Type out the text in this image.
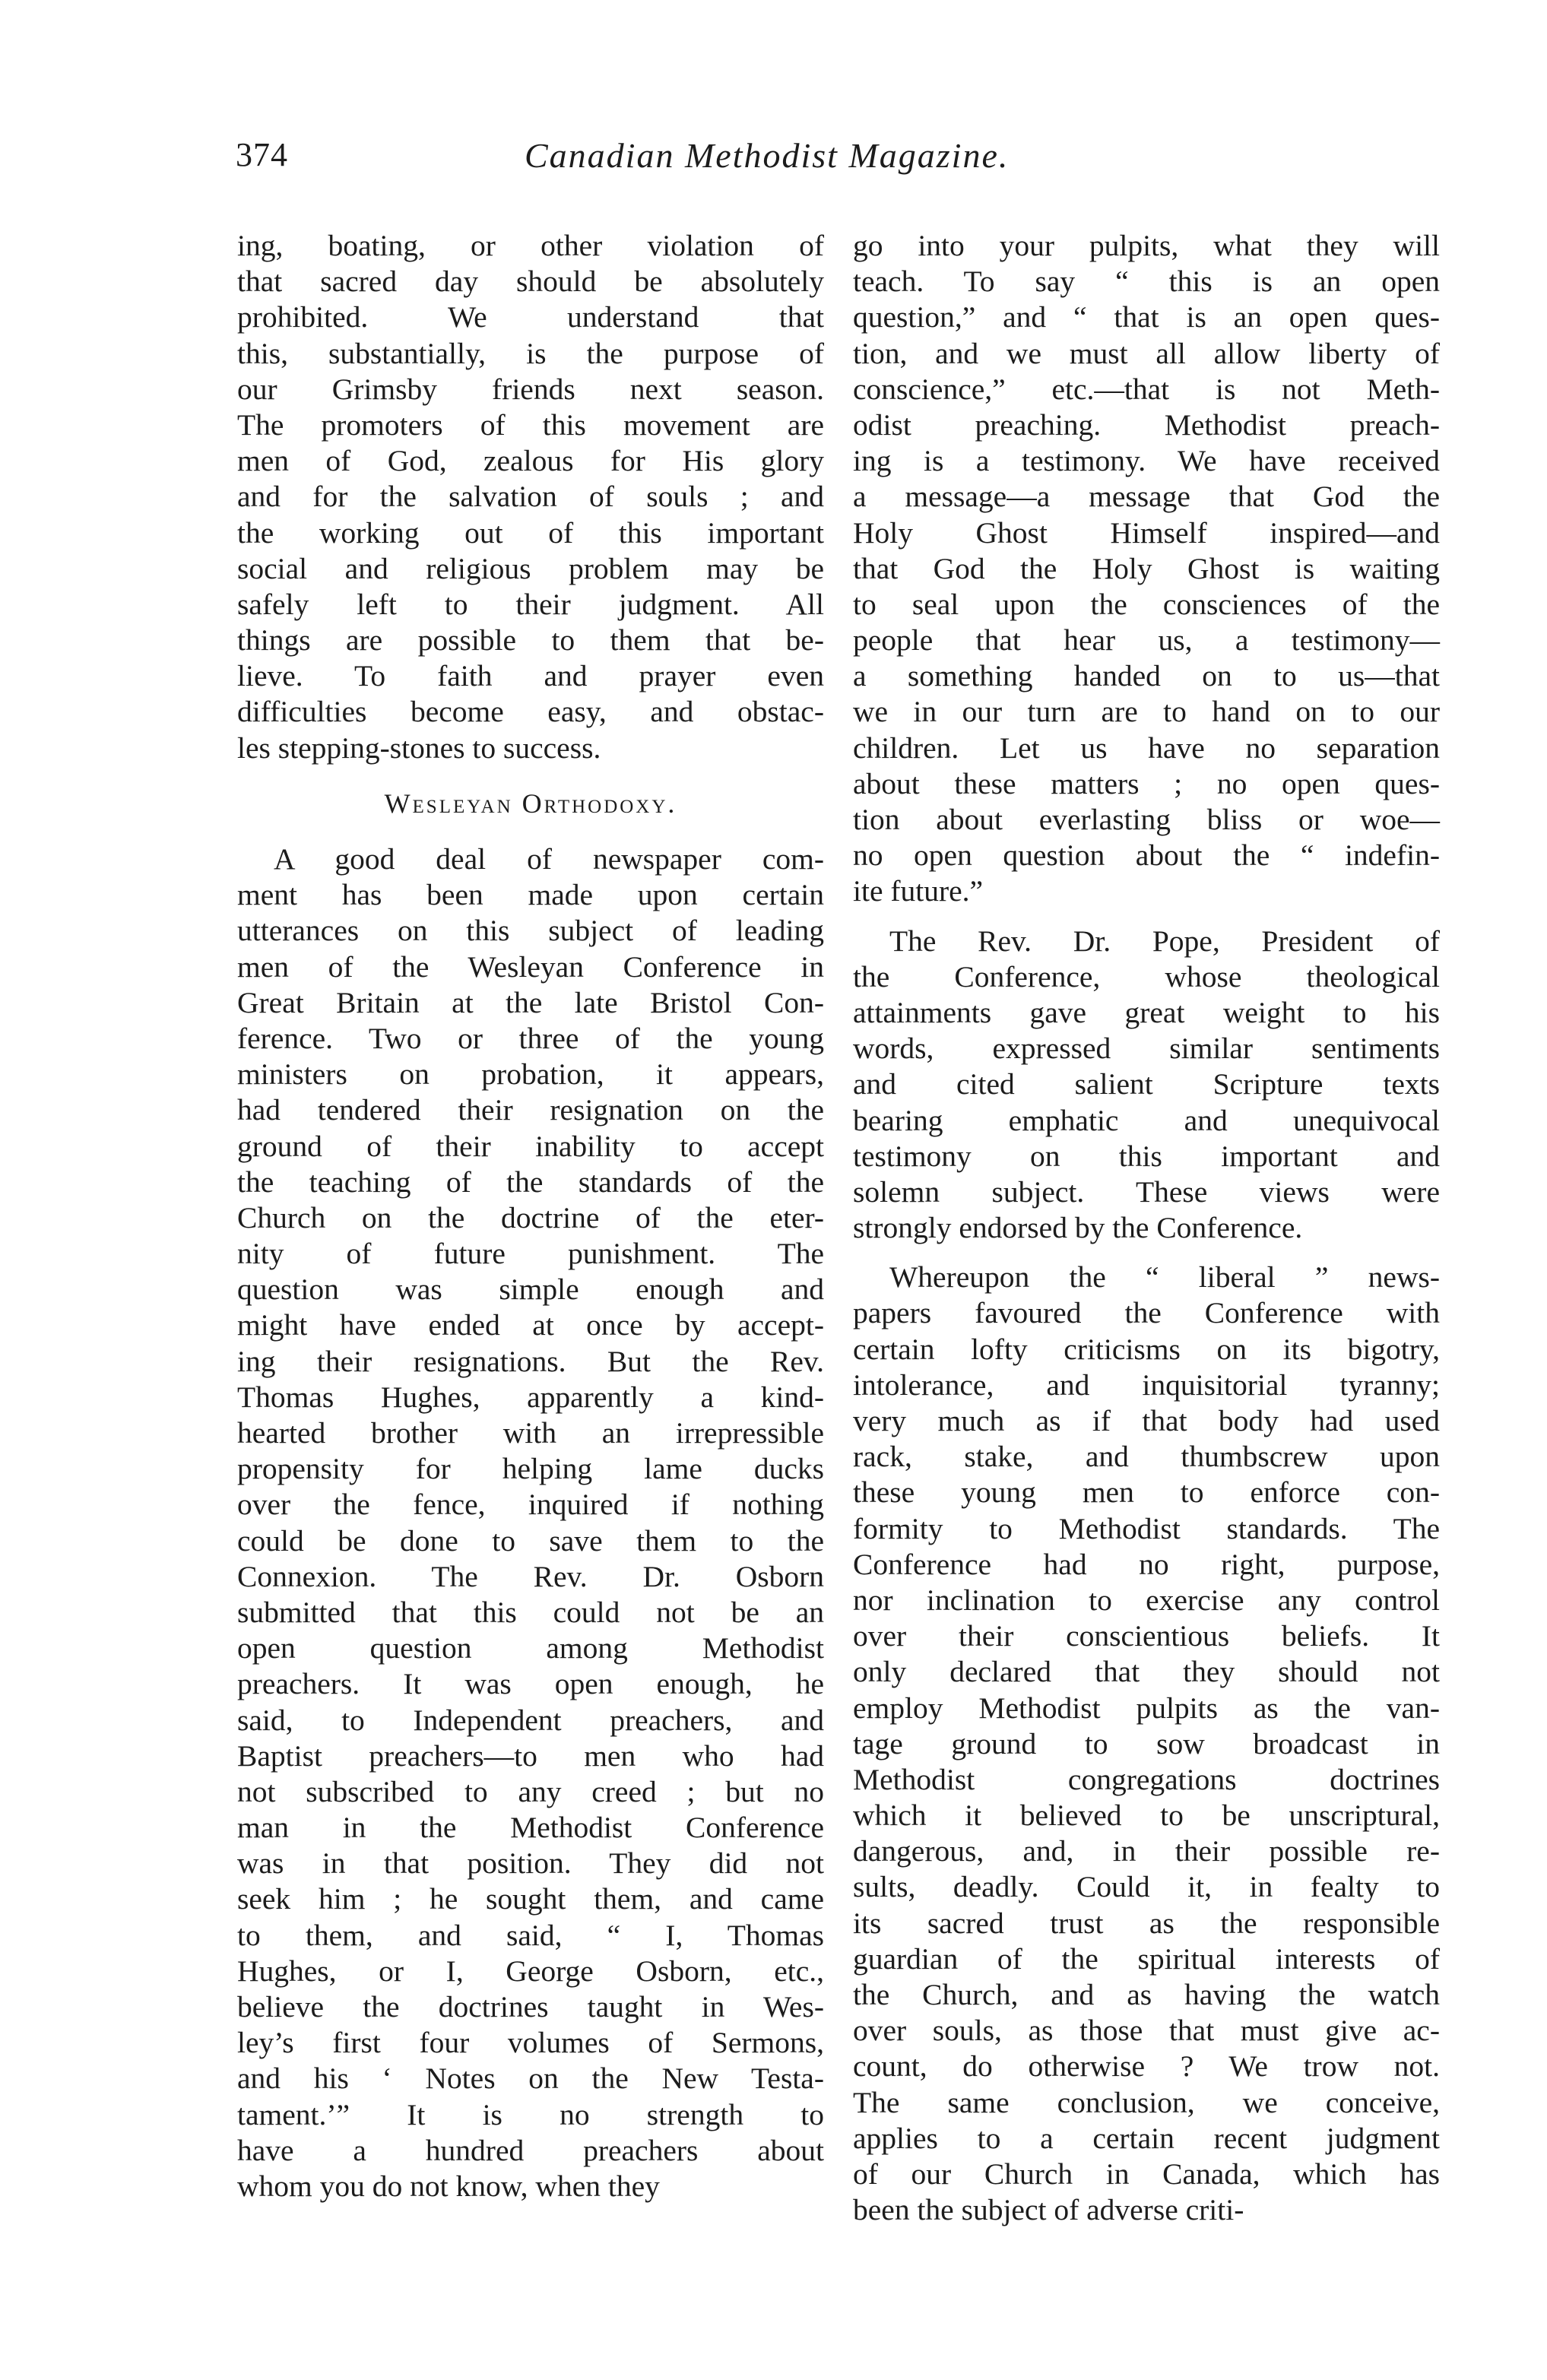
374	Canadian Methodist Magazine.
ing, boating, or other violation of
that sacred day should be absolutely
prohibited. We understand that
this, substantially, is the purpose of
our Grimsby friends next season.
The promoters of this movement are
men of God, zealous for His glory
and for the salvation of souls ; and
the working out of this important
social and religious problem may be
safely left to their judgment. All
things are possible to them that be-
lieve. To faith and prayer even
difficulties become easy, and obstac-
les stepping-stones to success.
Wesleyan Orthodoxy.
A good deal of newspaper com-
ment has been made upon certain
utterances on this subject of leading
men of the Wesleyan Conference in
Great Britain at the late Bristol Con-
ference. Two or three of the young
ministers on probation, it appears,
had tendered their resignation on the
ground of their inability to accept
the teaching of the standards of the
Church on the doctrine of the eter-
nity of future punishment. The
question was simple enough and
might have ended at once by accept-
ing their resignations. But the Rev.
Thomas Hughes, apparently a kind-
hearted brother with an irrepressible
propensity for helping lame ducks
over the fence, inquired if nothing
could be done to save them to the
Connexion. The Rev. Dr. Osborn
submitted that this could not be an
open question among Methodist
preachers. It was open enough, he
said, to Independent preachers, and
Baptist preachers—to men who had
not subscribed to any creed ; but no
man in the Methodist Conference
was in that position. They did not
seek him ; he sought them, and came
to them, and said, “ I, Thomas
Hughes, or I, George Osborn, etc.,
believe the doctrines taught in Wes-
ley’s first four volumes of Sermons,
and his ‘ Notes on the New Testa-
tament.’” It is no strength to
have a hundred preachers about
whom you do not know, when they
go into your pulpits, what they will
teach. To say “ this is an open
question,” and “ that is an open ques-
tion, and we must all allow liberty of
conscience,” etc.—that is not Meth-
odist preaching. Methodist preach-
ing is a testimony. We have received
a message—a message that God the
Holy Ghost Himself inspired—and
that God the Holy Ghost is waiting
to seal upon the consciences of the
people that hear us, a testimony—
a something handed on to us—that
we in our turn are to hand on to our
children. Let us have no separation
about these matters ; no open ques-
tion about everlasting bliss or woe—
no open question about the “ indefin-
ite future.”
The Rev. Dr. Pope, President of
the Conference, whose theological
attainments gave great weight to his
words, expressed similar sentiments
and cited salient Scripture texts
bearing emphatic and unequivocal
testimony on this important and
solemn subject. These views were
strongly endorsed by the Conference.
Whereupon the “ liberal ” news-
papers favoured the Conference with
certain lofty criticisms on its bigotry,
intolerance, and inquisitorial tyranny;
very much as if that body had used
rack, stake, and thumbscrew upon
these young men to enforce con-
formity to Methodist standards. The
Conference had no right, purpose,
nor inclination to exercise any control
over their conscientious beliefs. It
only declared that they should not
employ Methodist pulpits as the van-
tage ground to sow broadcast in
Methodist congregations doctrines
which it believed to be unscriptural,
dangerous, and, in their possible re-
sults, deadly. Could it, in fealty to
its sacred trust as the responsible
guardian of the spiritual interests of
the Church, and as having the watch
over souls, as those that must give ac-
count, do otherwise ? We trow not.
The same conclusion, we conceive,
applies to a certain recent judgment
of our Church in Canada, which has
been the subject of adverse criti-
